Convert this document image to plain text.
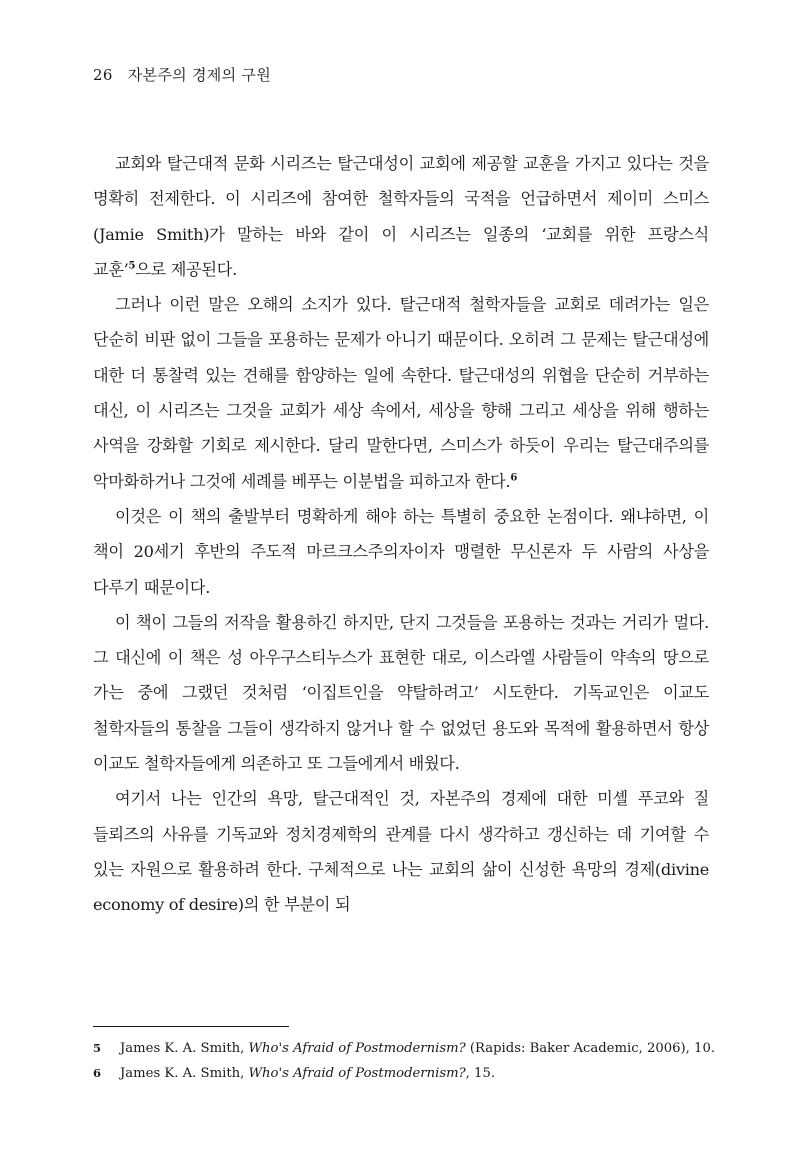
26 자본주의 경제의 구원

교회와 탈근대적 문화 시리즈는 탈근대성이 교회에 제공할 교훈을 가지고 있다는 것을 명확히 전제한다. 이 시리즈에 참여한 철학자들의 국적을 언급하면서 제이미 스미스(Jamie Smith)가 말하는 바와 같이 이 시리즈는 일종의 ‘교회를 위한 프랑스식 교훈’$^5$으로 제공된다.

그러나 이런 말은 오해의 소지가 있다. 탈근대적 철학자들을 교회로 데려가는 일은 단순히 비판 없이 그들을 포용하는 문제가 아니기 때문이다. 오히려 그 문제는 탈근대성에 대한 더 통찰력 있는 견해를 함양하는 일에 속한다. 탈근대성의 위협을 단순히 거부하는 대신, 이 시리즈는 그것을 교회가 세상 속에서, 세상을 향해 그리고 세상을 위해 행하는 사역을 강화할 기회로 제시한다. 달리 말한다면, 스미스가 하듯이 우리는 탈근대주의를 악마화하거나 그것에 세례를 베푸는 이분법을 피하고자 한다.$^6$

이것은 이 책의 출발부터 명확하게 해야 하는 특별히 중요한 논점이다. 왜냐하면, 이 책이 20세기 후반의 주도적 마르크스주의자이자 맹렬한 무신론자 두 사람의 사상을 다루기 때문이다.

이 책이 그들의 저작을 활용하긴 하지만, 단지 그것들을 포용하는 것과는 거리가 멀다. 그 대신에 이 책은 성 아우구스티누스가 표현한 대로, 이스라엘 사람들이 약속의 땅으로 가는 중에 그랬던 것처럼 ‘이집트인을 약탈하려고’ 시도한다. 기독교인은 이교도 철학자들의 통찰을 그들이 생각하지 않거나 할 수 없었던 용도와 목적에 활용하면서 항상 이교도 철학자들에게 의존하고 또 그들에게서 배웠다.

여기서 나는 인간의 욕망, 탈근대적인 것, 자본주의 경제에 대한 미셸 푸코와 질 들뢰즈의 사유를 기독교와 정치경제학의 관계를 다시 생각하고 갱신하는 데 기여할 수 있는 자원으로 활용하려 한다. 구체적으로 나는 교회의 삶이 신성한 욕망의 경제(divine economy of desire)의 한 부분이 되

5 James K. A. Smith, Who's Afraid of Postmodernism? (Rapids: Baker Academic, 2006), 10.
6 James K. A. Smith, Who's Afraid of Postmodernism?, 15.
